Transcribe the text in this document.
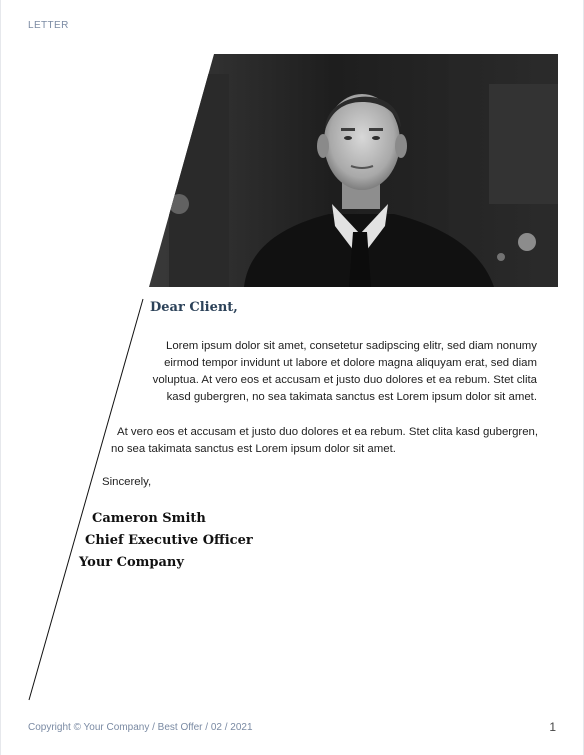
LETTER
Dear Client,

Lorem ipsum dolor sit amet, consetetur sadipscing elitr, sed diam nonumy
eirmod tempor invidunt ut labore et dolore magna aliquyam erat, sed diam
voluptua. At vero eos et accusam et justo duo dolores et ea rebum. Stet clita
kasd gubergren, no sea takimata sanctus est Lorem ipsum dolor sit amet.

At vero eos et accusam et justo duo dolores et ea rebum. Stet clita kasd gubergren,
no sea takimata sanctus est Lorem ipsum dolor sit amet.

Sincerely,
Cameron Smith
Chief Executive Officer
Your Company
Copyright © Your Company / Best Offer / 02 / 2021	1
